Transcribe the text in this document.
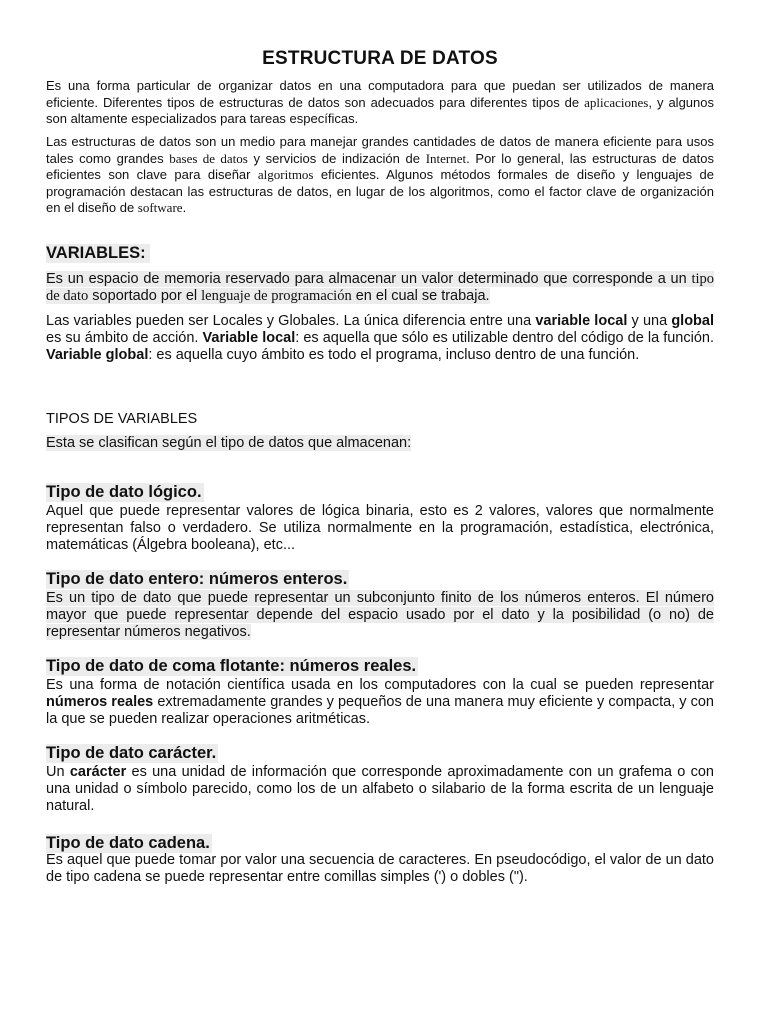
ESTRUCTURA DE DATOS

Es una forma particular de organizar datos en una computadora para que puedan ser utilizados de manera eficiente. Diferentes tipos de estructuras de datos son adecuados para diferentes tipos de aplicaciones, y algunos son altamente especializados para tareas específicas.

Las estructuras de datos son un medio para manejar grandes cantidades de datos de manera eficiente para usos tales como grandes bases de datos y servicios de indización de Internet. Por lo general, las estructuras de datos eficientes son clave para diseñar algoritmos eficientes. Algunos métodos formales de diseño y lenguajes de programación destacan las estructuras de datos, en lugar de los algoritmos, como el factor clave de organización en el diseño de software.

VARIABLES:

Es un espacio de memoria reservado para almacenar un valor determinado que corresponde a un tipo de dato soportado por el lenguaje de programación en el cual se trabaja.

Las variables pueden ser Locales y Globales. La única diferencia entre una variable local y una global es su ámbito de acción. Variable local: es aquella que sólo es utilizable dentro del código de la función. Variable global: es aquella cuyo ámbito es todo el programa, incluso dentro de una función.

TIPOS DE VARIABLES
Esta se clasifican según el tipo de datos que almacenan:
Tipo de dato lógico.

Aquel que puede representar valores de lógica binaria, esto es 2 valores, valores que normalmente representan falso o verdadero. Se utiliza normalmente en la programación, estadística, electrónica, matemáticas (Álgebra booleana), etc...

Tipo de dato entero: números enteros.

Es un tipo de dato que puede representar un subconjunto finito de los números enteros. El número mayor que puede representar depende del espacio usado por el dato y la posibilidad (o no) de representar números negativos.

Tipo de dato de coma flotante: números reales.

Es una forma de notación científica usada en los computadores con la cual se pueden representar números reales extremadamente grandes y pequeños de una manera muy eficiente y compacta, y con la que se pueden realizar operaciones aritméticas.

Tipo de dato carácter.

Un carácter es una unidad de información que corresponde aproximadamente con un grafema o con una unidad o símbolo parecido, como los de un alfabeto o silabario de la forma escrita de un lenguaje natural.

Tipo de dato cadena.

Es aquel que puede tomar por valor una secuencia de caracteres. En pseudocódigo, el valor de un dato de tipo cadena se puede representar entre comillas simples (') o dobles (").
